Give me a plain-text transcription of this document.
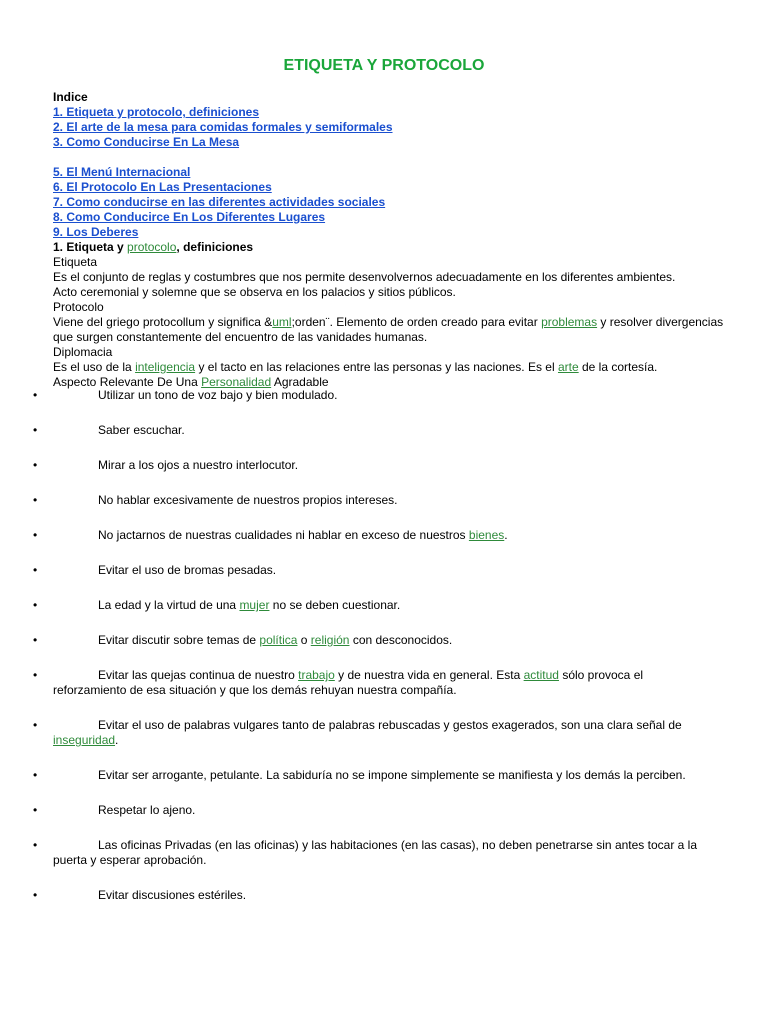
ETIQUETA Y PROTOCOLO
Indice
1. Etiqueta y protocolo, definiciones
2. El arte de la mesa para comidas formales y semiformales
3. Como Conducirse En La Mesa
5. El Menú Internacional
6. El Protocolo En Las Presentaciones
7. Como conducirse en las diferentes actividades sociales
8. Como Conducirce En Los Diferentes Lugares
9. Los Deberes
1. Etiqueta y protocolo, definiciones
Etiqueta
Es el conjunto de reglas y costumbres que nos permite desenvolvernos adecuadamente en los diferentes ambientes.
Acto ceremonial y solemne que se observa en los palacios y sitios públicos.
Protocolo
Viene del griego protocollum y significa &uml;orden¨. Elemento de orden creado para evitar problemas y resolver divergencias que surgen constantemente del encuentro de las vanidades humanas.
Diplomacia
Es el uso de la inteligencia y el tacto en las relaciones entre las personas y las naciones. Es el arte de la cortesía.
Aspecto Relevante De Una Personalidad Agradable
• Utilizar un tono de voz bajo y bien modulado.
• Saber escuchar.
• Mirar a los ojos a nuestro interlocutor.
• No hablar excesivamente de nuestros propios intereses.
• No jactarnos de nuestras cualidades ni hablar en exceso de nuestros bienes.
• Evitar el uso de bromas pesadas.
• La edad y la virtud de una mujer no se deben cuestionar.
• Evitar discutir sobre temas de política o religión con desconocidos.
• Evitar las quejas continua de nuestro trabajo y de nuestra vida en general. Esta actitud sólo provoca el reforzamiento de esa situación y que los demás rehuyan nuestra compañía.
• Evitar el uso de palabras vulgares tanto de palabras rebuscadas y gestos exagerados, son una clara señal de inseguridad.
• Evitar ser arrogante, petulante. La sabiduría no se impone simplemente se manifiesta y los demás la perciben.
• Respetar lo ajeno.
• Las oficinas Privadas (en las oficinas) y las habitaciones (en las casas), no deben penetrarse sin antes tocar a la puerta y esperar aprobación.
• Evitar discusiones estériles.
